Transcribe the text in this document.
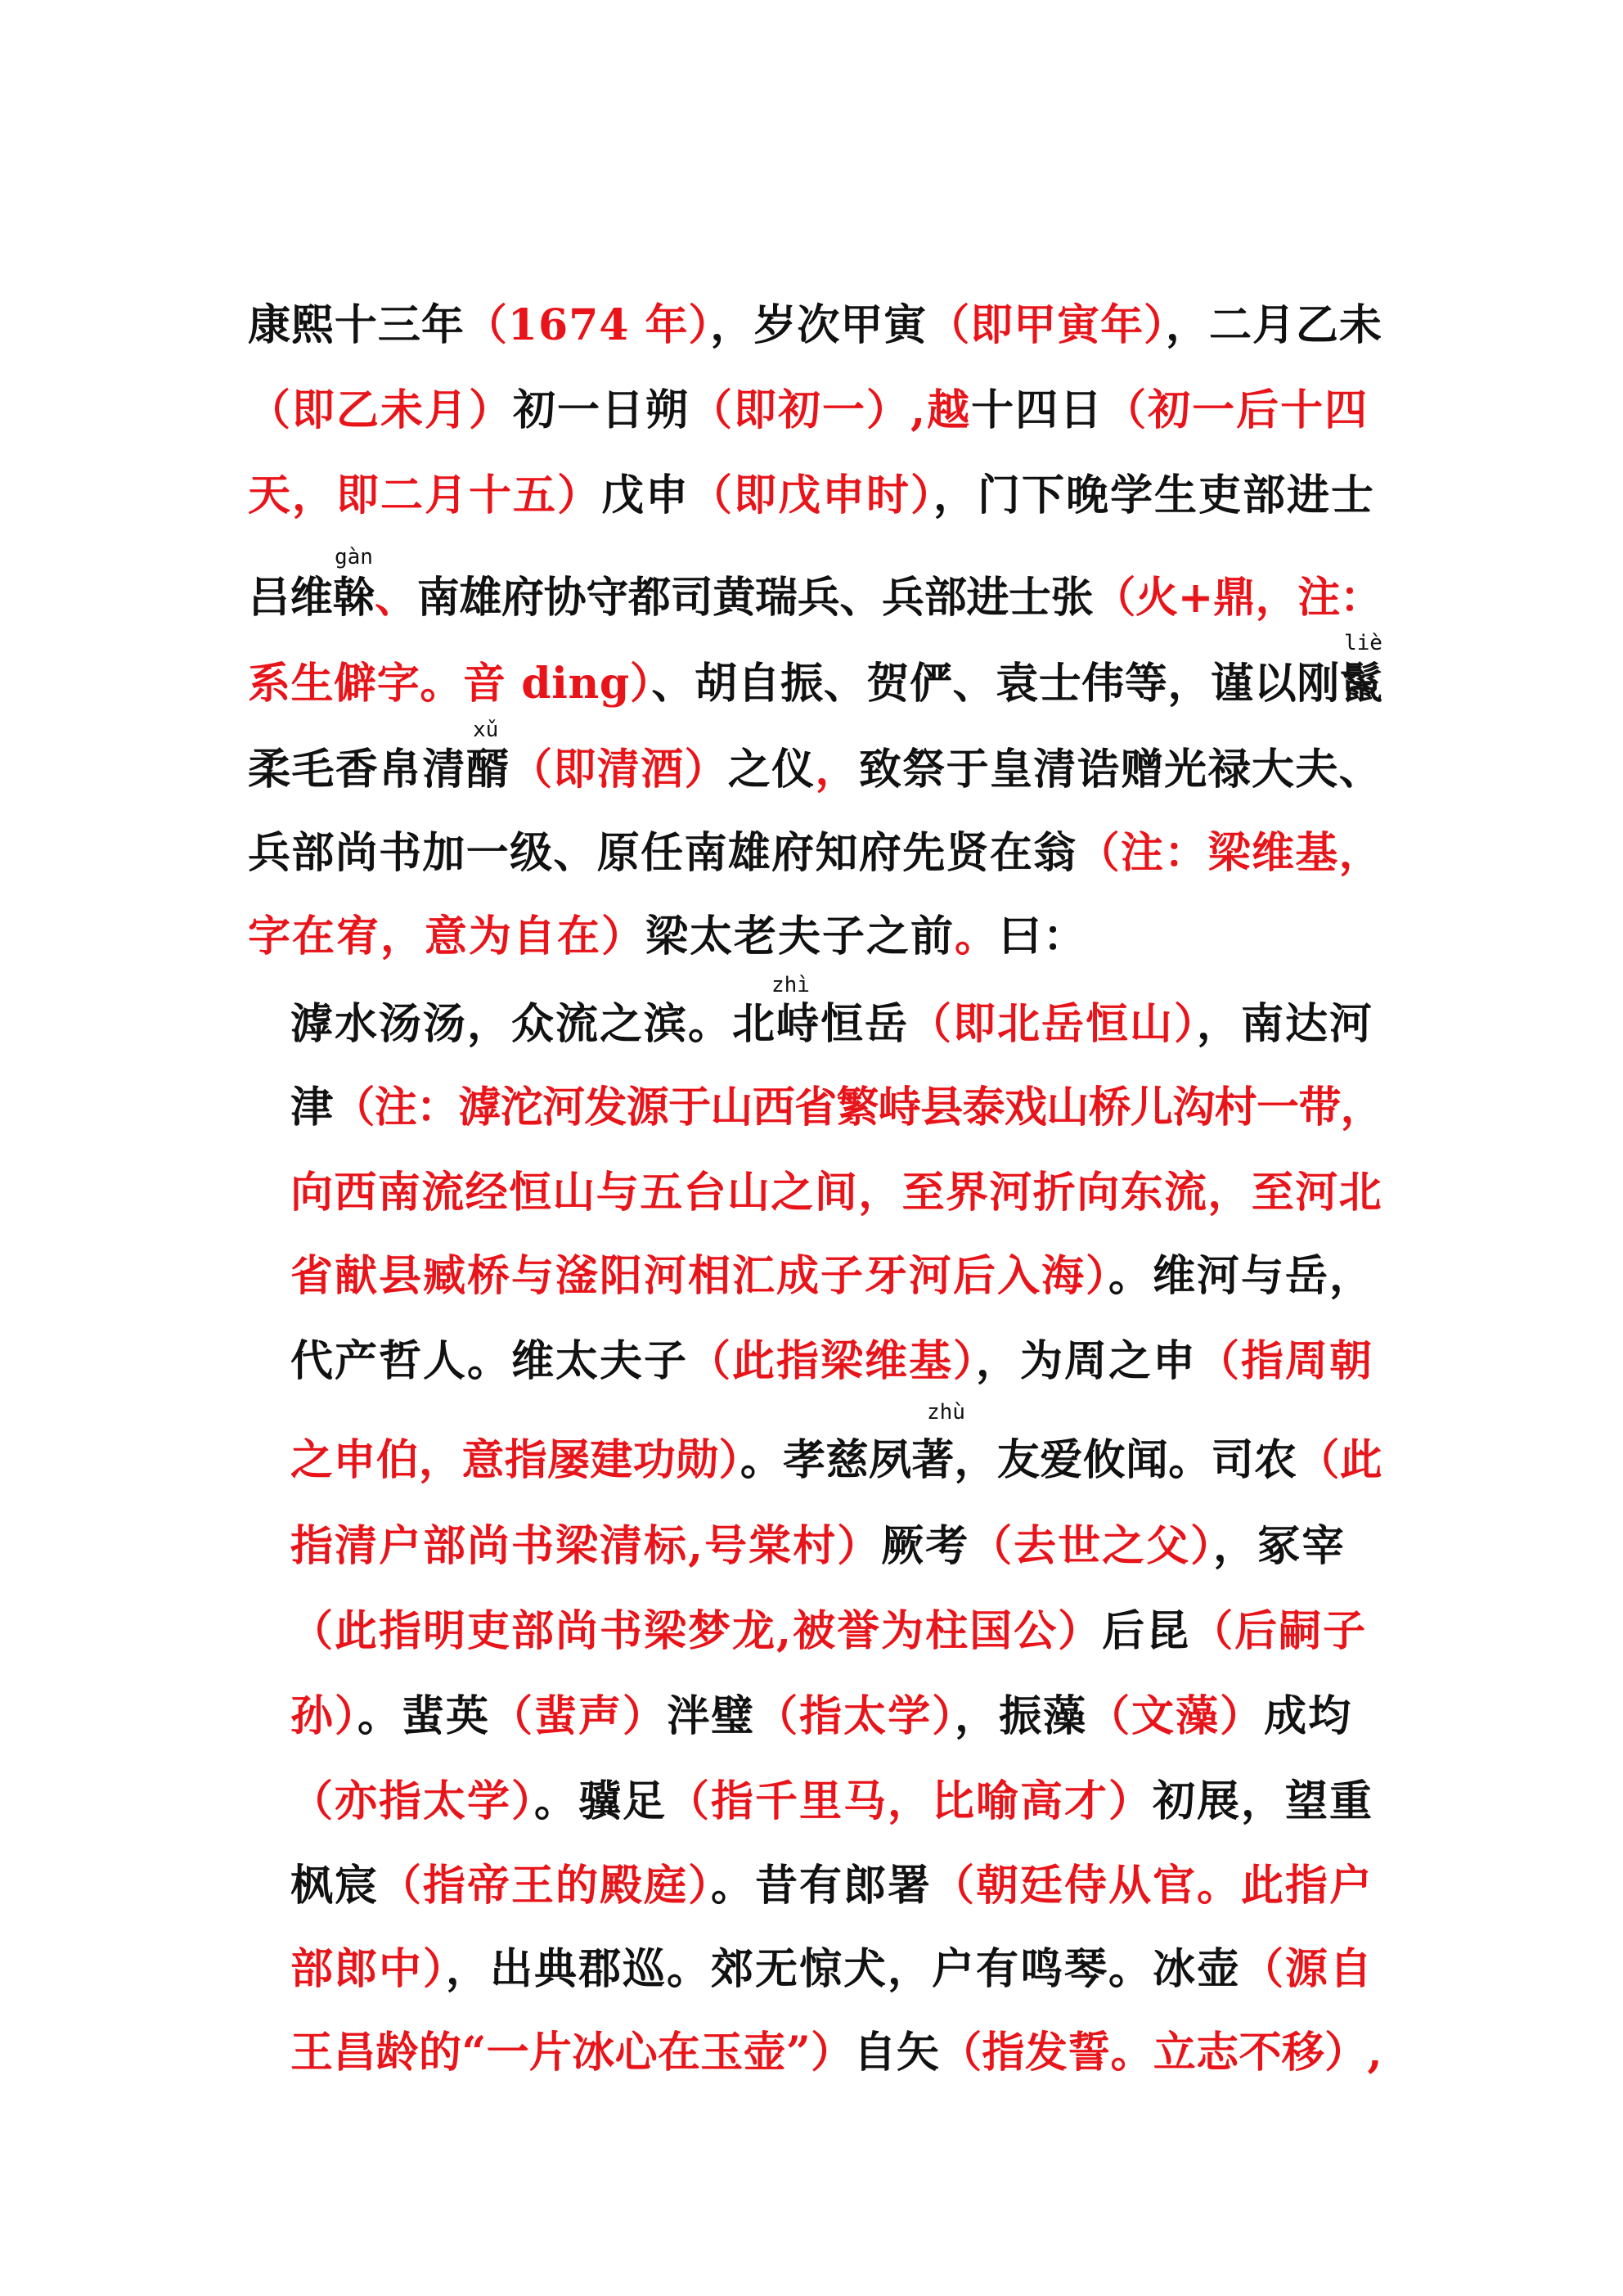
康熙十三年（1674 年），岁次甲寅（即甲寅年），二月乙未
（即乙未月）初一日朔（即初一）,越十四日（初一后十四
天，即二月十五）戊申（即戊申时），门下晚学生吏部进士
吕维榦、南雄府协守都司黄瑞兵、兵部进士张（火+鼎，注：
系生僻字。音 ding）、胡自振、贺俨、袁士伟等，谨以刚鬣
柔毛香帛清醑（即清酒）之仪，致祭于皇清诰赠光禄大夫、
兵部尚书加一级、原任南雄府知府先贤在翁（注：梁维基，
字在宥，意为自在）梁太老夫子之前。曰：
滹水汤汤，众流之滨。北峙恒岳（即北岳恒山），南达河
津（注：滹沱河发源于山西省繁峙县泰戏山桥儿沟村一带，
向西南流经恒山与五台山之间，至界河折向东流，至河北
省献县臧桥与滏阳河相汇成子牙河后入海）。维河与岳，
代产哲人。维太夫子（此指梁维基），为周之申（指周朝
之申伯，意指屡建功勋）。孝慈夙著，友爱攸闻。司农（此
指清户部尚书梁清标,号棠村）厥考（去世之父），冢宰
（此指明吏部尚书梁梦龙,被誉为柱国公）后昆（后嗣子
孙）。蜚英（蜚声）泮璧（指太学），振藻（文藻）成均
（亦指太学）。骥足（指千里马，比喻高才）初展，望重
枫宸（指帝王的殿庭）。昔有郎署（朝廷侍从官。此指户
部郎中），出典郡巡。郊无惊犬，户有鸣琴。冰壶（源自
王昌龄的“一片冰心在玉壶”）自矢（指发誓。立志不移）,
gàn
liè
xǔ
zhì
zhù
